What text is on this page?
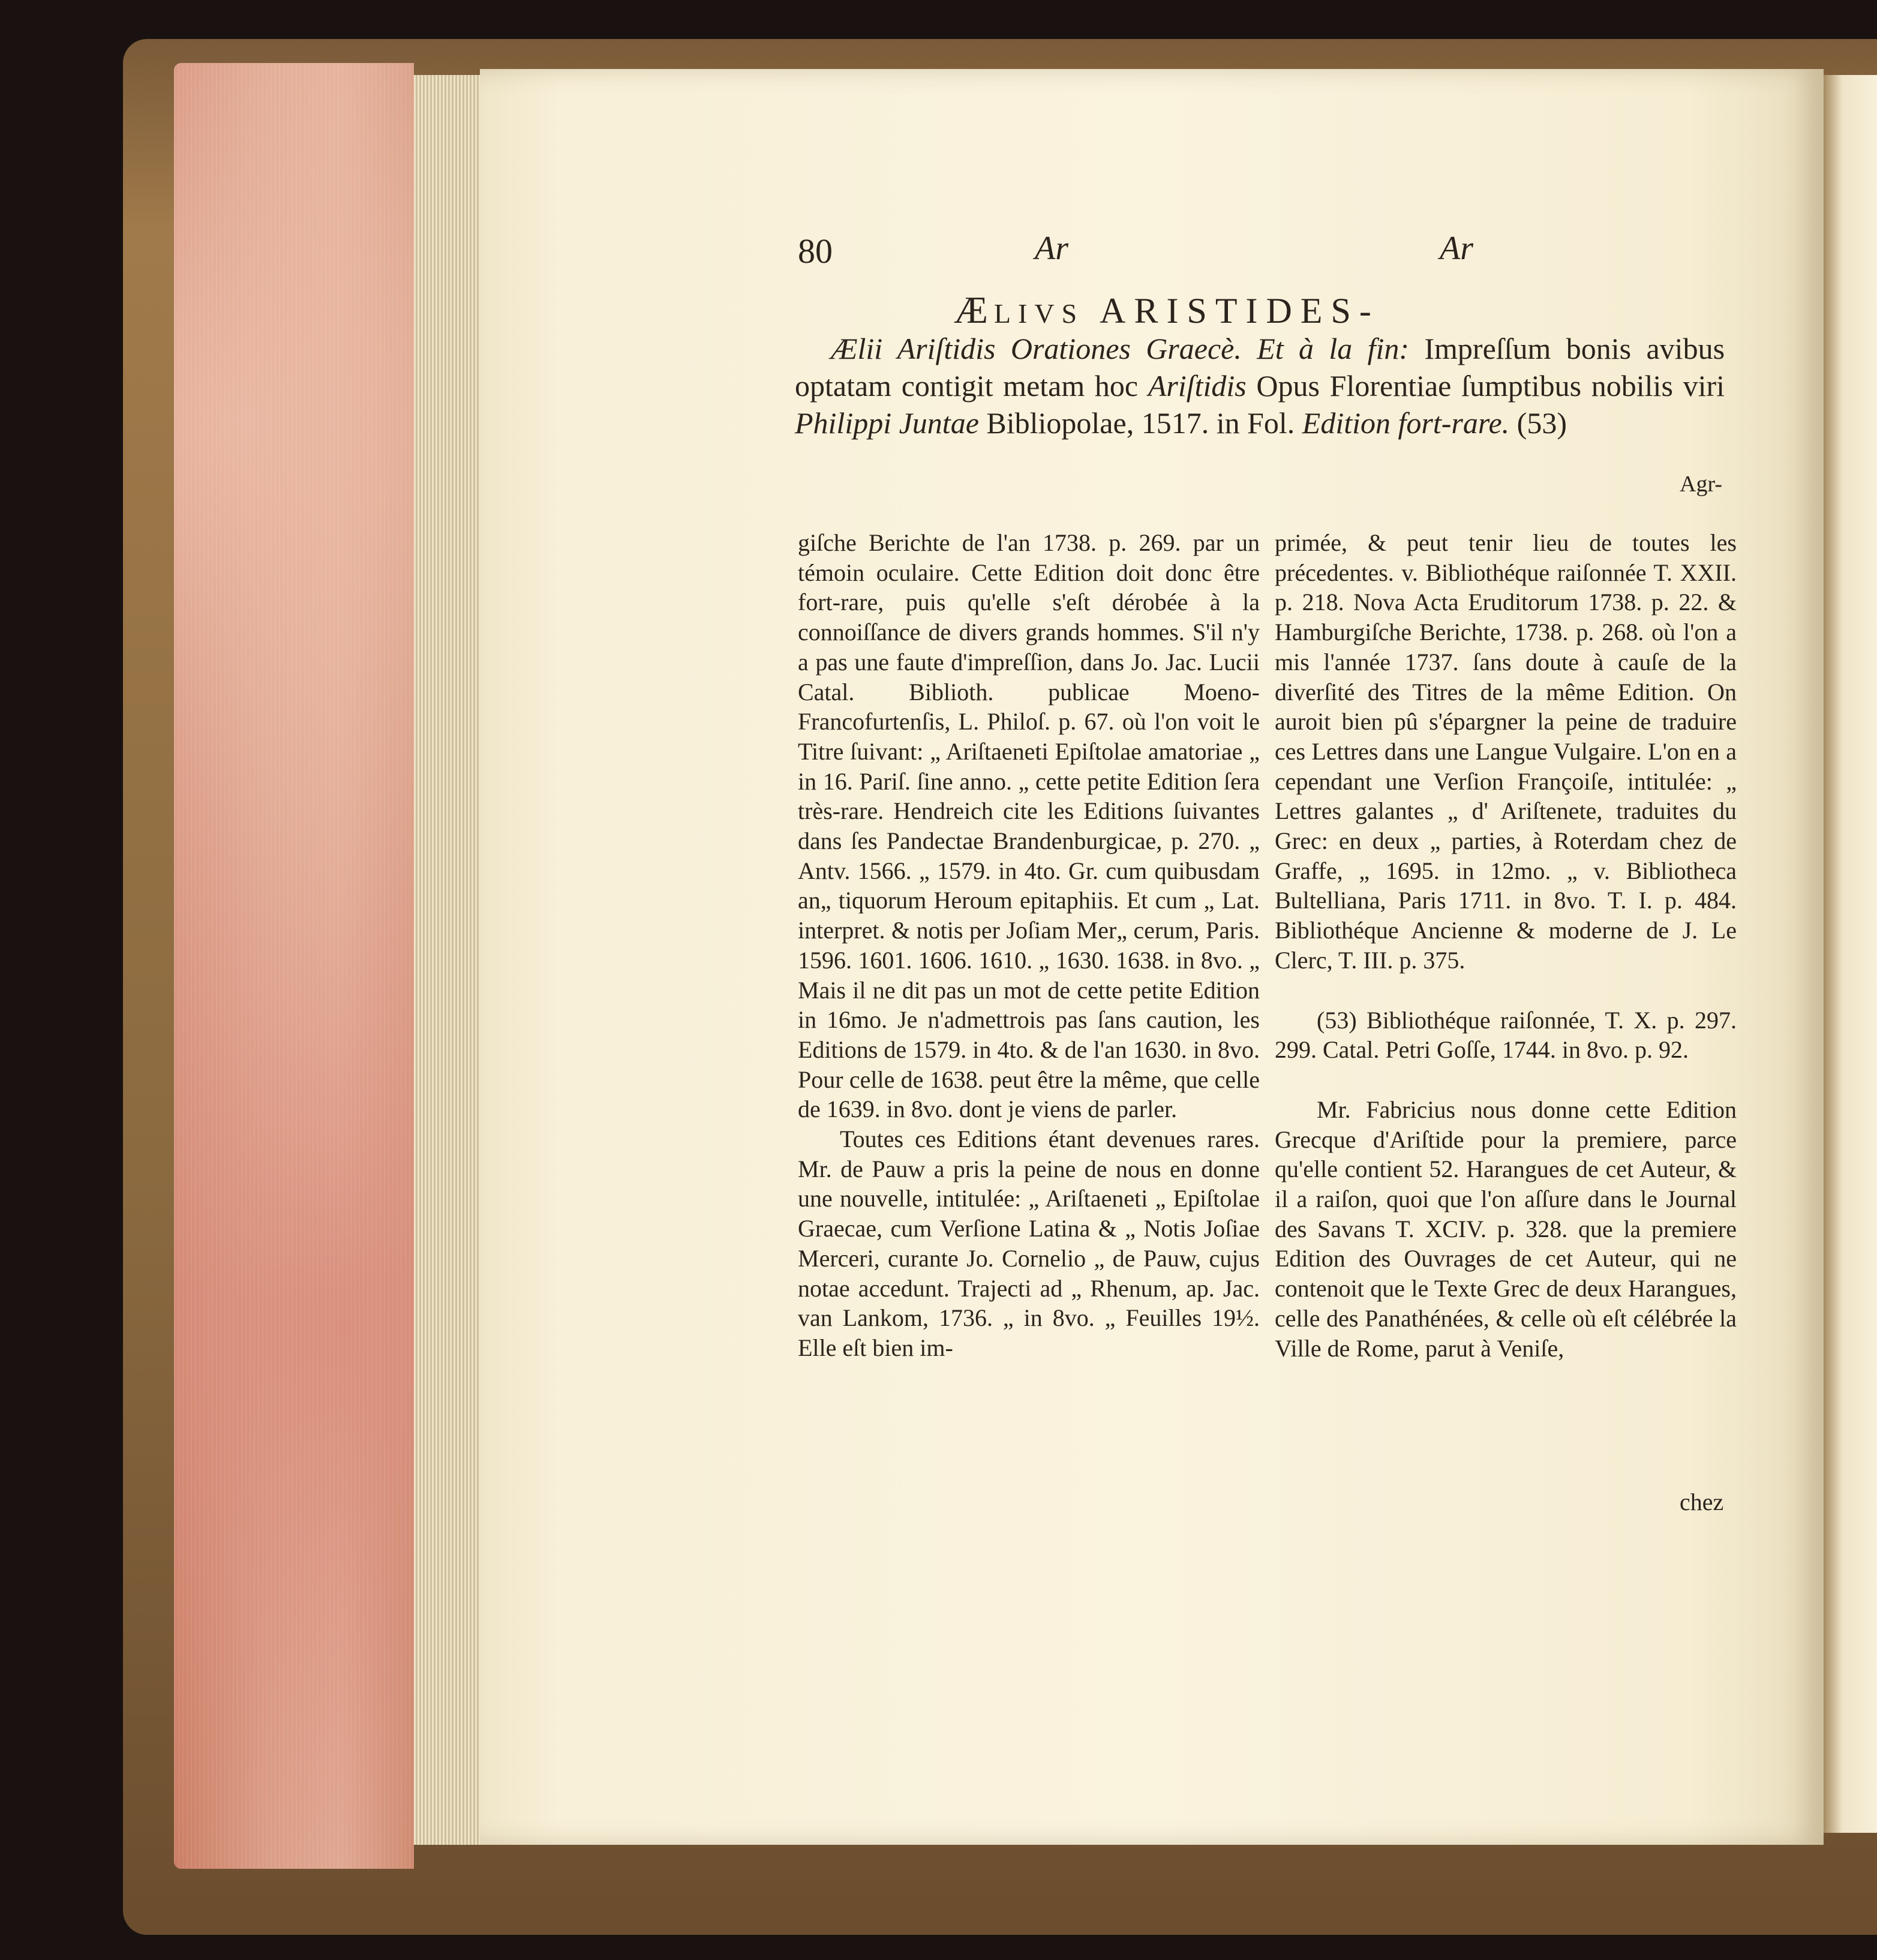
80	Ar	Ar
ÆLIVS ARISTIDES-

Ælii Ariſtidis Orationes Graecè. Et à la fin: Impreſſum bonis avibus optatam contigit metam hoc Ariſtidis Opus Florentiae ſumptibus nobilis viri Philippi Juntae Bibliopolae, 1517. in Fol. Edition fort-rare. (53)

Agr-

giſche Berichte de l'an 1738. p. 269. par un témoin oculaire. Cette Edition doit donc être fort-rare, puis qu'elle s'eſt dérobée à la connoiſſance de divers grands hommes. S'il n'y a pas une faute d'impreſſion, dans Jo. Jac. Lucii Catal. Biblioth. publicae Moeno-Francofurtenſis, L. Philoſ. p. 67. où l'on voit le Titre ſuivant: „ Ariſtaeneti Epiſtolae amatoriae „ in 16. Pariſ. ſine anno. „ cette petite Edition ſera très-rare. Hendreich cite les Editions ſuivantes dans ſes Pandectae Brandenburgicae, p. 270. „ Antv. 1566. „ 1579. in 4to. Gr. cum quibusdam an„ tiquorum Heroum epitaphiis. Et cum „ Lat. interpret. & notis per Joſiam Mer„ cerum, Paris. 1596. 1601. 1606. 1610. „ 1630. 1638. in 8vo. „ Mais il ne dit pas un mot de cette petite Edition in 16mo. Je n'admettrois pas ſans caution, les Editions de 1579. in 4to. & de l'an 1630. in 8vo. Pour celle de 1638. peut être la même, que celle de 1639. in 8vo. dont je viens de parler.

Toutes ces Editions étant devenues rares. Mr. de Pauw a pris la peine de nous en donne une nouvelle, intitulée: „ Ariſtaeneti „ Epiſtolae Graecae, cum Verſione Latina & „ Notis Joſiae Merceri, curante Jo. Cornelio „ de Pauw, cujus notae accedunt. Trajecti ad „ Rhenum, ap. Jac. van Lankom, 1736. „ in 8vo. „ Feuilles 19½. Elle eſt bien im-

primée, & peut tenir lieu de toutes les précedentes. v. Bibliothéque raiſonnée T. XXII. p. 218. Nova Acta Eruditorum 1738. p. 22. & Hamburgiſche Berichte, 1738. p. 268. où l'on a mis l'année 1737. ſans doute à cauſe de la diverſité des Titres de la même Edition. On auroit bien pû s'épargner la peine de traduire ces Lettres dans une Langue Vulgaire. L'on en a cependant une Verſion Françoiſe, intitulée: „ Lettres galantes „ d' Ariſtenete, traduites du Grec: en deux „ parties, à Roterdam chez de Graffe, „ 1695. in 12mo. „ v. Bibliotheca Bultelliana, Paris 1711. in 8vo. T. I. p. 484. Bibliothéque Ancienne & moderne de J. Le Clerc, T. III. p. 375.

(53) Bibliothéque raiſonnée, T. X. p. 297. 299. Catal. Petri Goſſe, 1744. in 8vo. p. 92.

Mr. Fabricius nous donne cette Edition Grecque d'Ariſtide pour la premiere, parce qu'elle contient 52. Harangues de cet Auteur, & il a raiſon, quoi que l'on aſſure dans le Journal des Savans T. XCIV. p. 328. que la premiere Edition des Ouvrages de cet Auteur, qui ne contenoit que le Texte Grec de deux Harangues, celle des Panathénées, & celle où eſt célébrée la Ville de Rome, parut à Veniſe,

chez
